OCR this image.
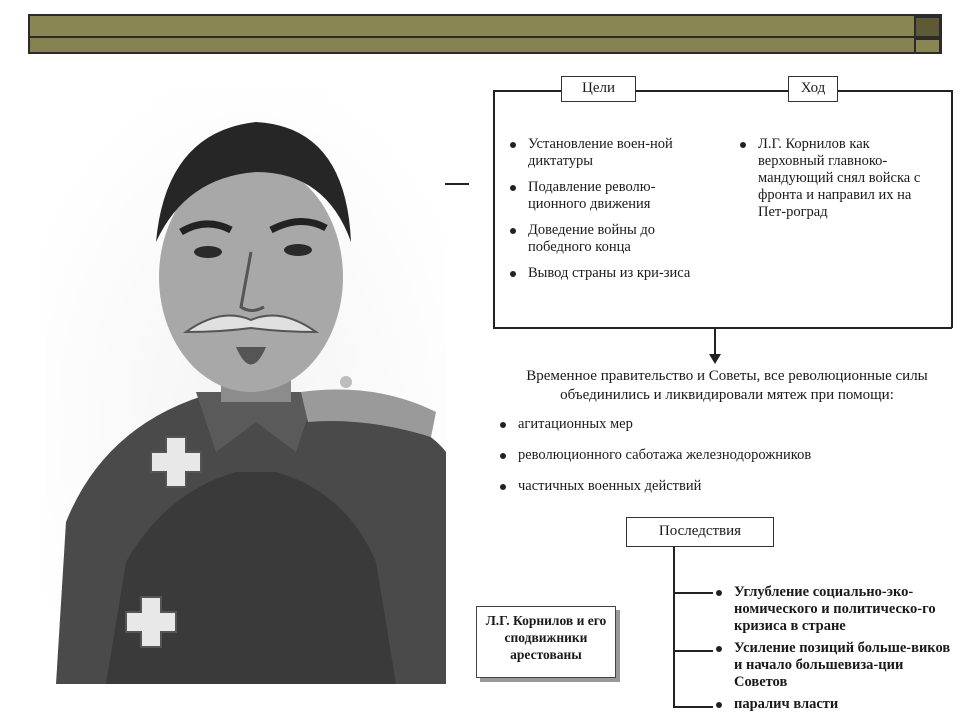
Цели	Ход
Установление воен-ной диктатуры
Подавление револю-ционного движения
Доведение войны до победного конца
Вывод страны из кри-зиса
Л.Г. Корнилов как верховный главноко-мандующий снял войска с фронта и направил их на Пет-роград
Временное правительство и Советы, все революционные силы объединились и ликвидировали мятеж при помощи:
агитационных мер
революционного саботажа железнодорожников
частичных военных действий
Последствия
Углубление социально-эко-номического и политическо-го кризиса в стране
Усиление позиций больше-виков и начало большевиза-ции Советов
паралич власти
Л.Г. Корнилов и его сподвижники арестованы
